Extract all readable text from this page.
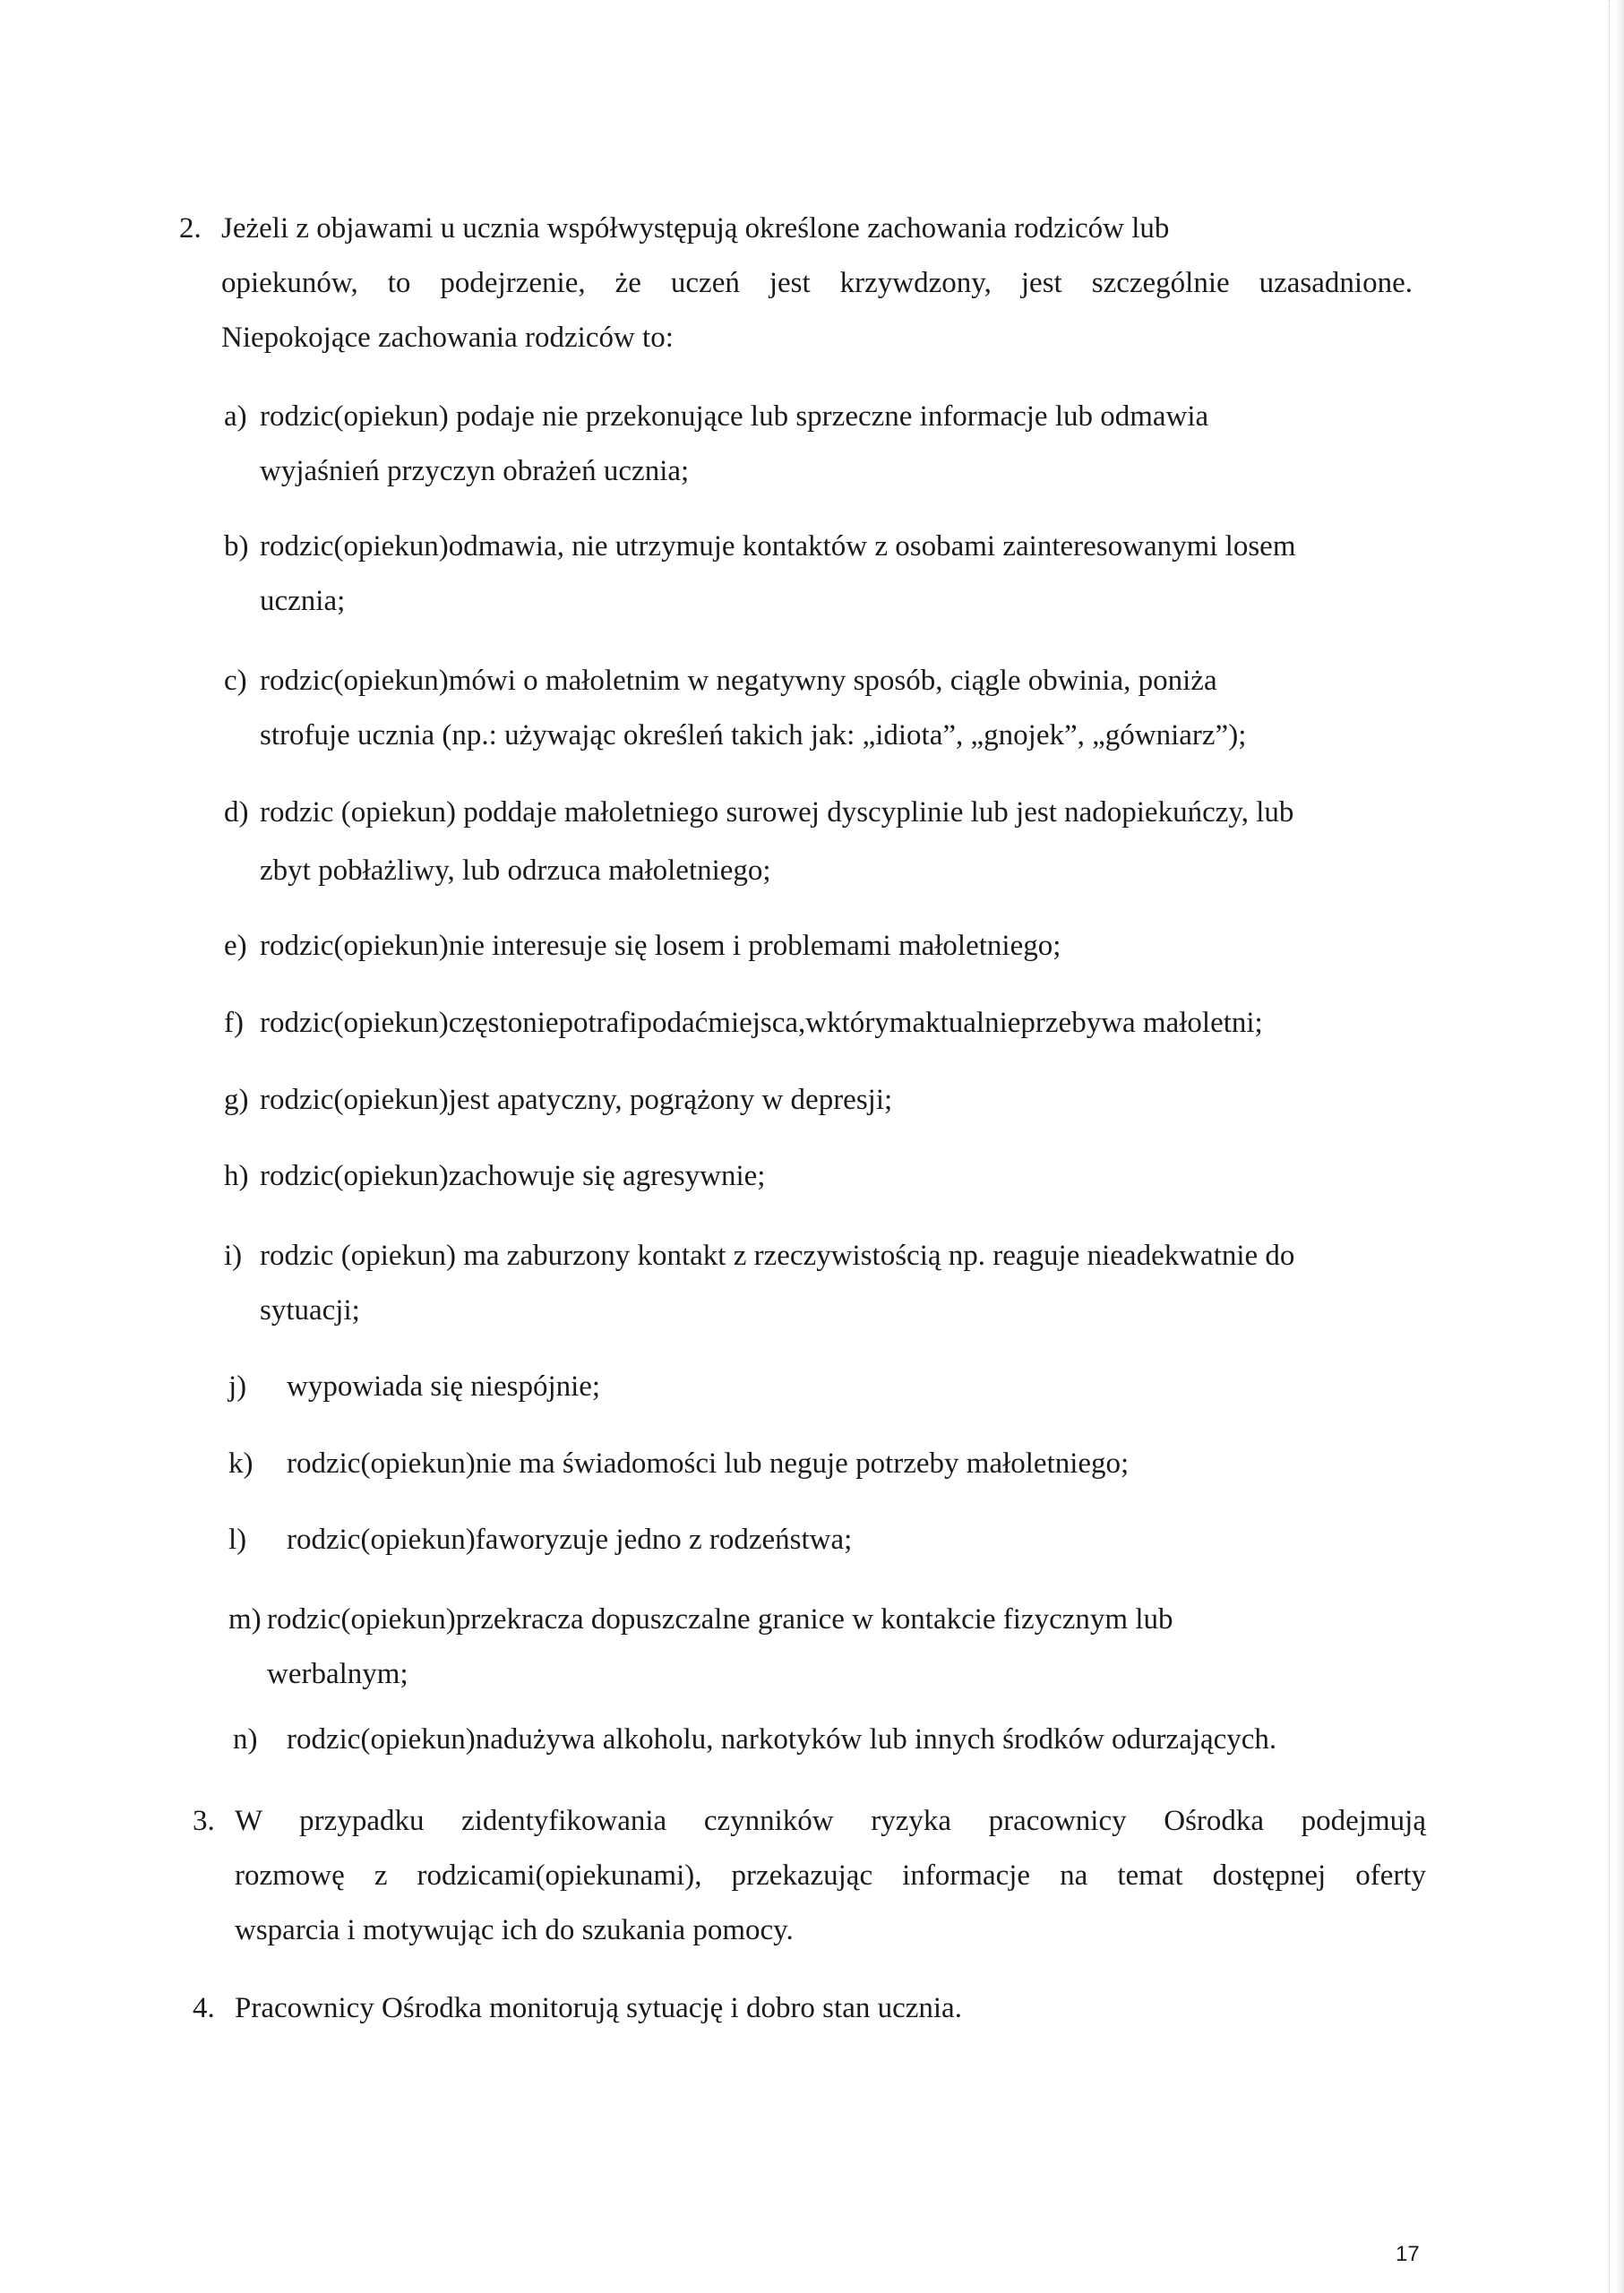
2. Jeżeli z objawami u ucznia współwystępują określone zachowania rodziców lub
opiekunów, to podejrzenie, że uczeń jest krzywdzony, jest szczególnie uzasadnione.
Niepokojące zachowania rodziców to:
a) rodzic(opiekun) podaje nie przekonujące lub sprzeczne informacje lub odmawia
wyjaśnień przyczyn obrażeń ucznia;
b) rodzic(opiekun)odmawia, nie utrzymuje kontaktów z osobami zainteresowanymi losem
ucznia;
c) rodzic(opiekun)mówi o małoletnim w negatywny sposób, ciągle obwinia, poniża
strofuje ucznia (np.: używając określeń takich jak: „idiota”, „gnojek”, „gówniarz”);
d) rodzic (opiekun) poddaje małoletniego surowej dyscyplinie lub jest nadopiekuńczy, lub
zbyt pobłażliwy, lub odrzuca małoletniego;
e) rodzic(opiekun)nie interesuje się losem i problemami małoletniego;
f) rodzic(opiekun)częstoniepotrafipodaćmiejsca,wktórymaktualnieprzebywa małoletni;
g) rodzic(opiekun)jest apatyczny, pogrążony w depresji;
h) rodzic(opiekun)zachowuje się agresywnie;
i) rodzic (opiekun) ma zaburzony kontakt z rzeczywistością np. reaguje nieadekwatnie do
sytuacji;
j) wypowiada się niespójnie;
k) rodzic(opiekun)nie ma świadomości lub neguje potrzeby małoletniego;
l) rodzic(opiekun)faworyzuje jedno z rodzeństwa;
m) rodzic(opiekun)przekracza dopuszczalne granice w kontakcie fizycznym lub
werbalnym;
n) rodzic(opiekun)nadużywa alkoholu, narkotyków lub innych środków odurzających.
3. W przypadku zidentyfikowania czynników ryzyka pracownicy Ośrodka podejmują
rozmowę z rodzicami(opiekunami), przekazując informacje na temat dostępnej oferty
wsparcia i motywując ich do szukania pomocy.
4. Pracownicy Ośrodka monitorują sytuację i dobro stan ucznia.
17
